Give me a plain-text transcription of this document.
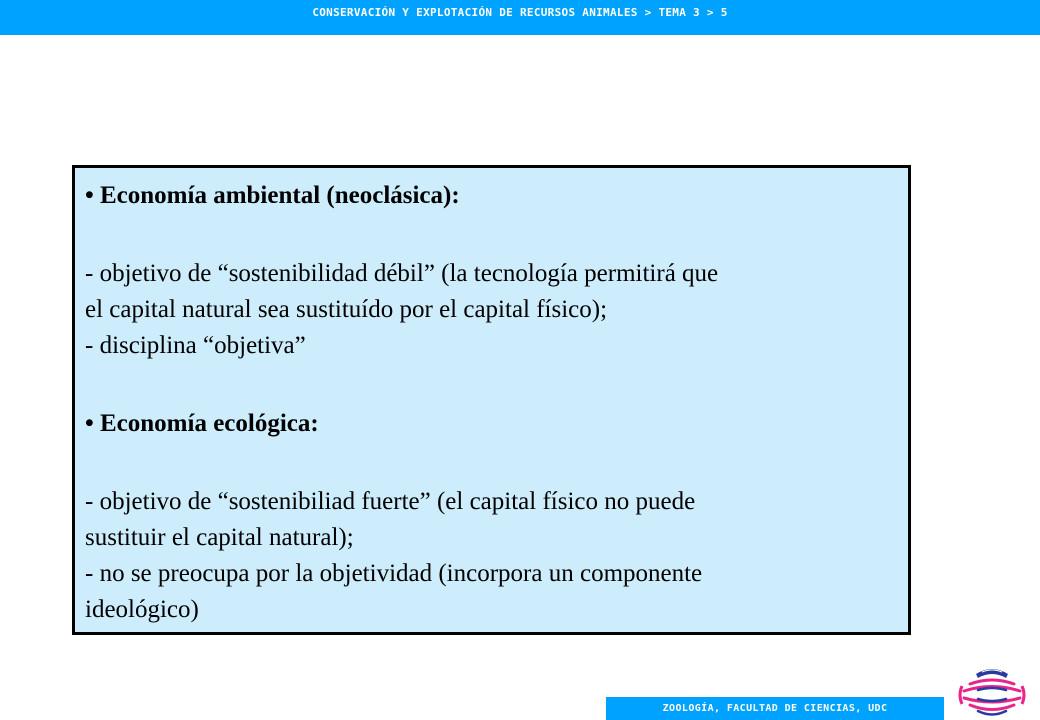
CONSERVACIÓN Y EXPLOTACIÓN DE RECURSOS ANIMALES > TEMA 3 > 5
• Economía ambiental (neoclásica):
- objetivo de “sostenibilidad débil” (la tecnología permitirá que
el capital natural sea sustituído por el capital físico);
- disciplina “objetiva”
• Economía ecológica:
- objetivo de “sostenibiliad fuerte” (el capital físico no puede
sustituir el capital natural);
- no se preocupa por la objetividad (incorpora un componente
ideológico)
ZOOLOGÍA, FACULTAD DE CIENCIAS, UDC
